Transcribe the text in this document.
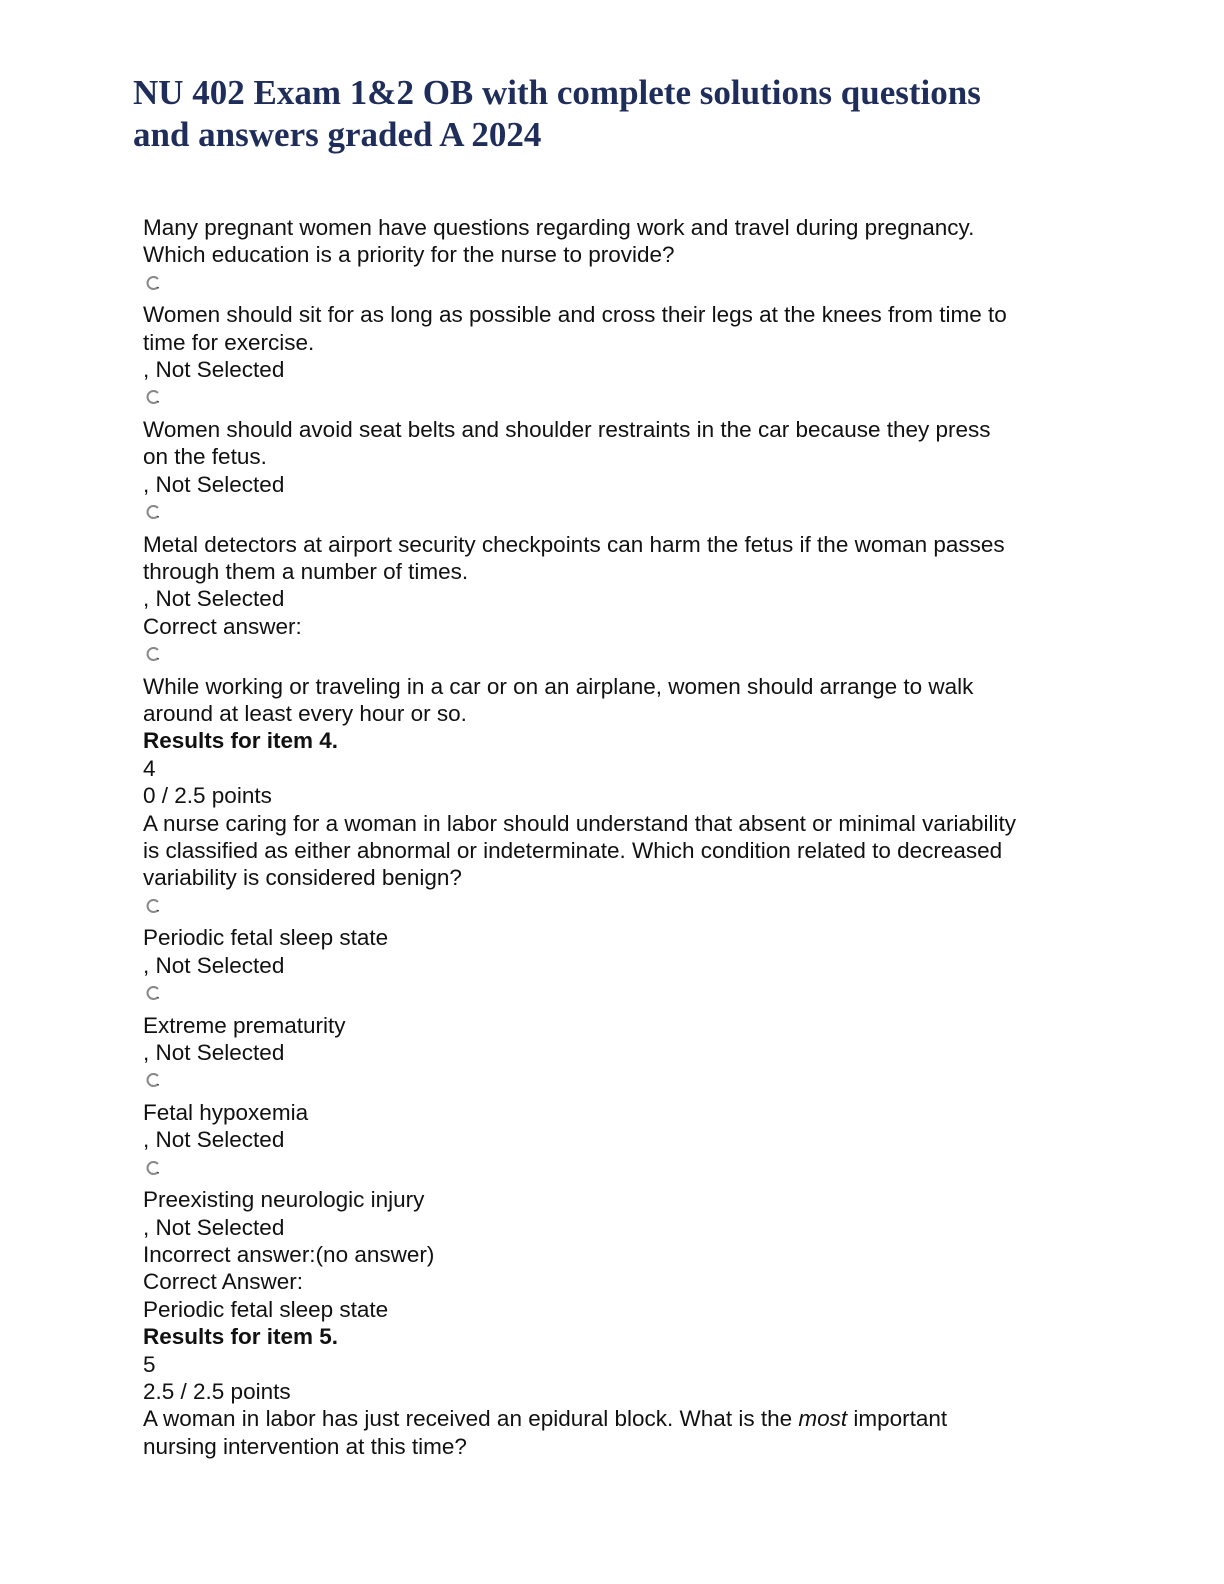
NU 402 Exam 1&2 OB with complete solutions questions
and answers graded A 2024
Many pregnant women have questions regarding work and travel during pregnancy.
Which education is a priority for the nurse to provide?
Women should sit for as long as possible and cross their legs at the knees from time to
time for exercise.
, Not Selected
Women should avoid seat belts and shoulder restraints in the car because they press
on the fetus.
, Not Selected
Metal detectors at airport security checkpoints can harm the fetus if the woman passes
through them a number of times.
, Not Selected
Correct answer:
While working or traveling in a car or on an airplane, women should arrange to walk
around at least every hour or so.
Results for item 4.
4
0 / 2.5 points
A nurse caring for a woman in labor should understand that absent or minimal variability
is classified as either abnormal or indeterminate. Which condition related to decreased
variability is considered benign?
Periodic fetal sleep state
, Not Selected
Extreme prematurity
, Not Selected
Fetal hypoxemia
, Not Selected
Preexisting neurologic injury
, Not Selected
Incorrect answer:(no answer)
Correct Answer:
Periodic fetal sleep state
Results for item 5.
5
2.5 / 2.5 points
A woman in labor has just received an epidural block. What is the most important
nursing intervention at this time?
